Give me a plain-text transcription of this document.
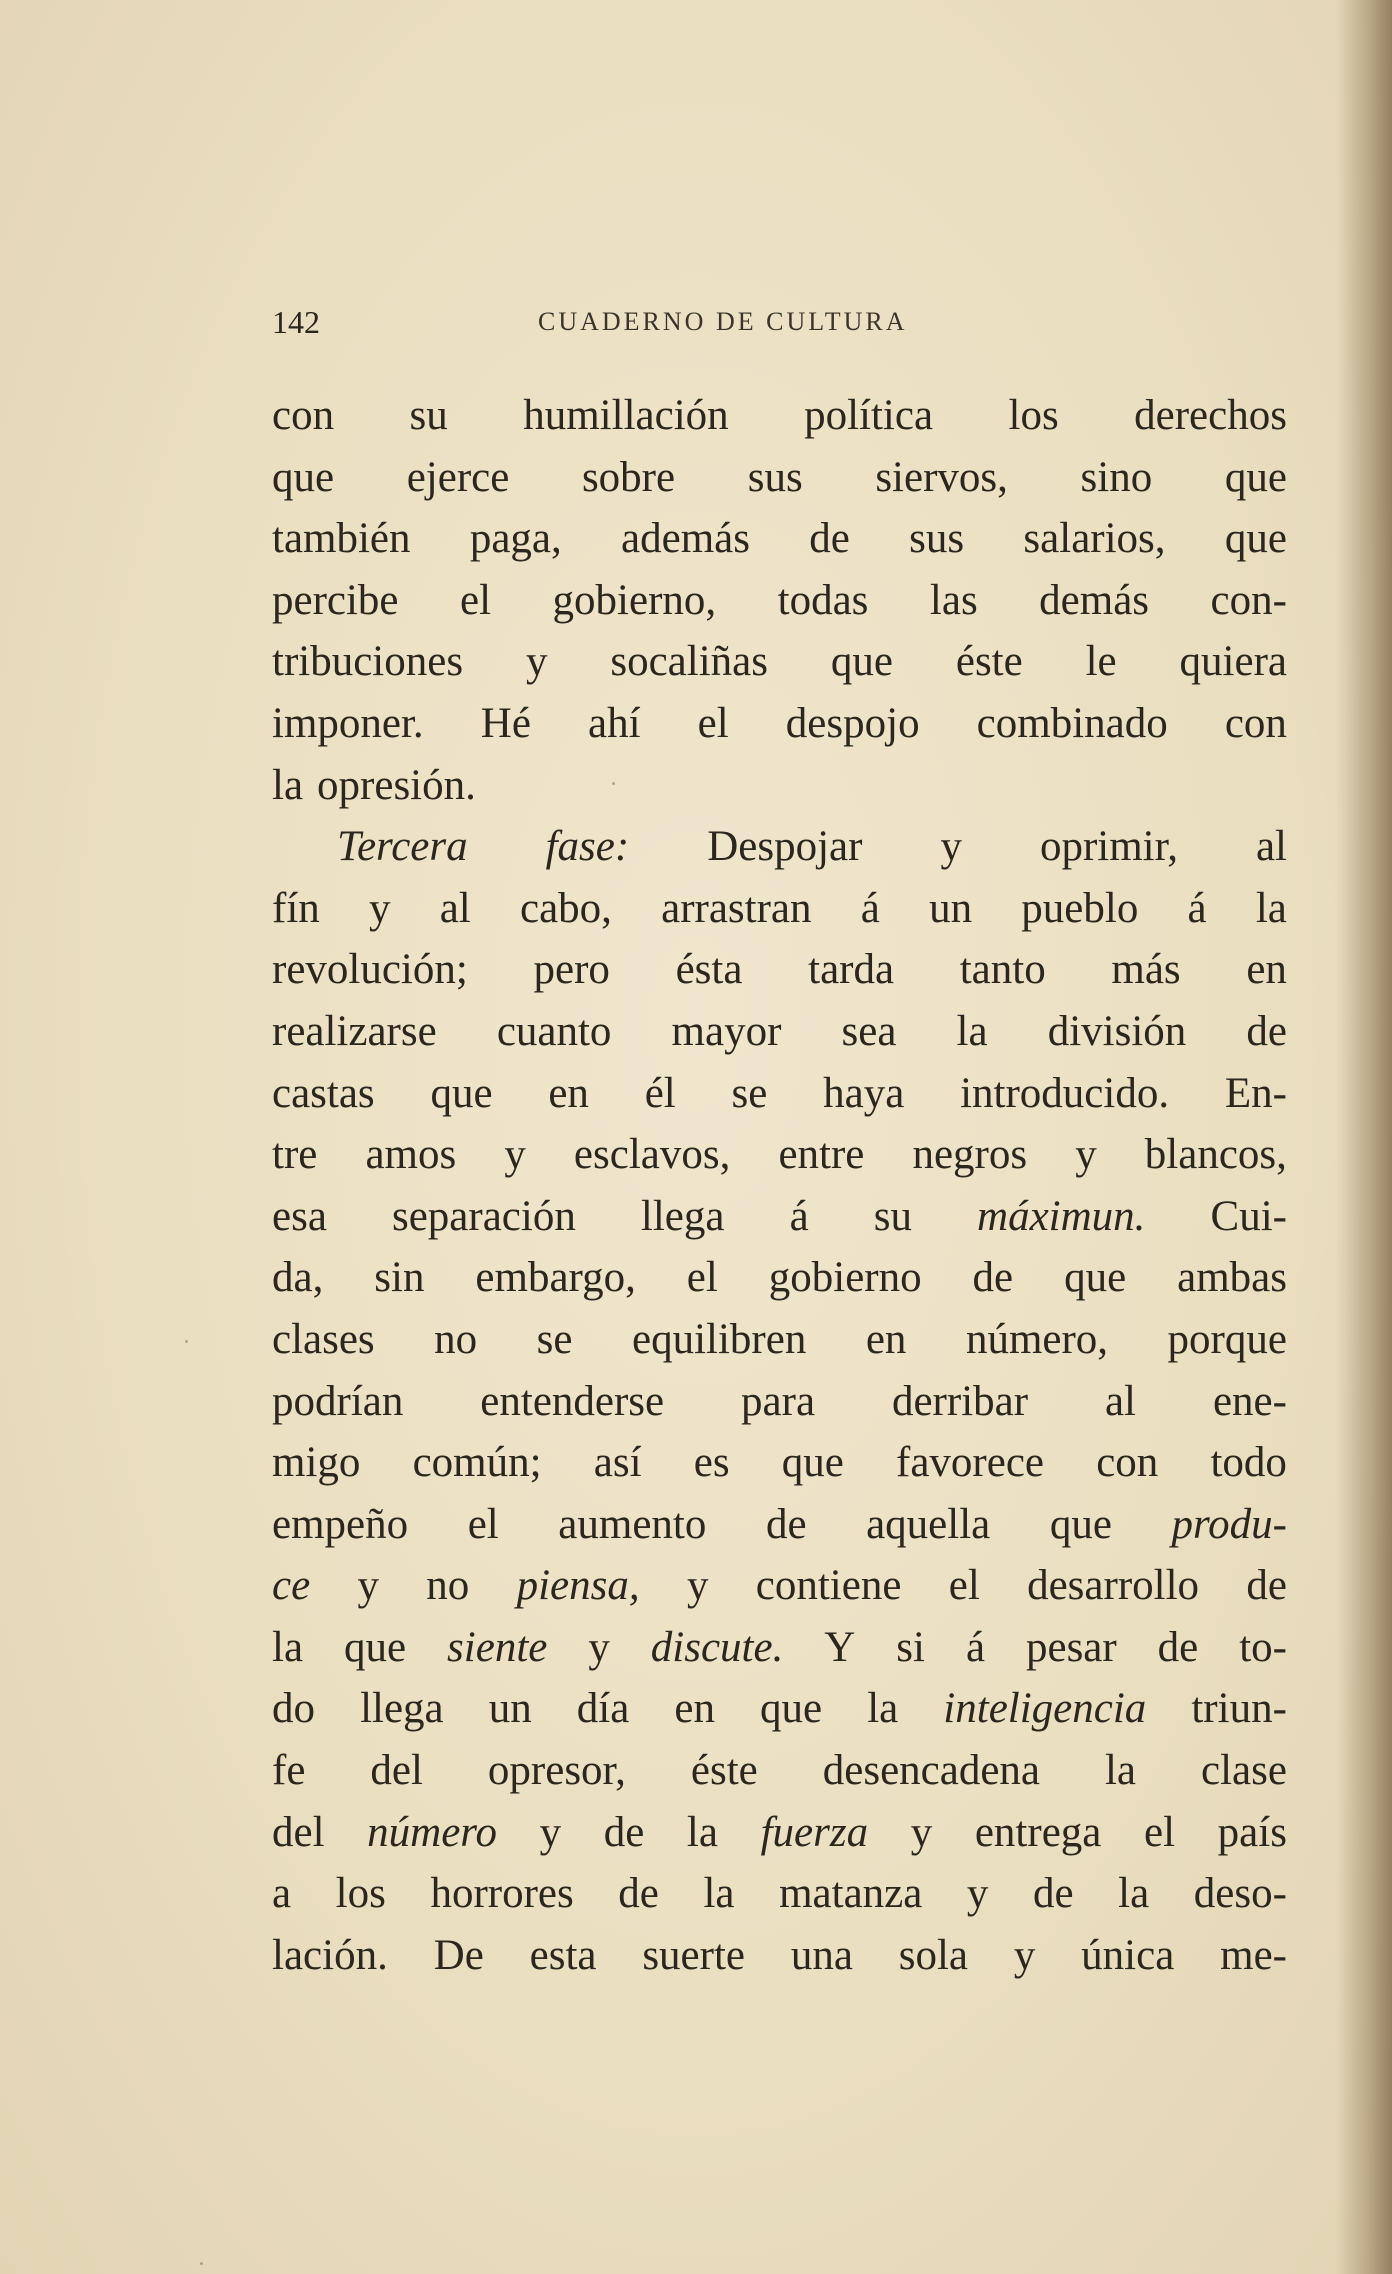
142	CUADERNO DE CULTURA
con su humillación política los derechos
que ejerce sobre sus siervos, sino que
también paga, además de sus salarios, que
percibe el gobierno, todas las demás con-
tribuciones y socaliñas que éste le quiera
imponer. Hé ahí el despojo combinado con
la opresión.
Tercera fase: Despojar y oprimir, al
fín y al cabo, arrastran á un pueblo á la
revolución; pero ésta tarda tanto más en
realizarse cuanto mayor sea la división de
castas que en él se haya introducido. En-
tre amos y esclavos, entre negros y blancos,
esa separación llega á su máximun. Cui-
da, sin embargo, el gobierno de que ambas
clases no se equilibren en número, porque
podrían entenderse para derribar al ene-
migo común; así es que favorece con todo
empeño el aumento de aquella que produ-
ce y no piensa, y contiene el desarrollo de
la que siente y discute. Y si á pesar de to-
do llega un día en que la inteligencia triun-
fe del opresor, éste desencadena la clase
del número y de la fuerza y entrega el país
a los horrores de la matanza y de la deso-
lación. De esta suerte una sola y única me-
